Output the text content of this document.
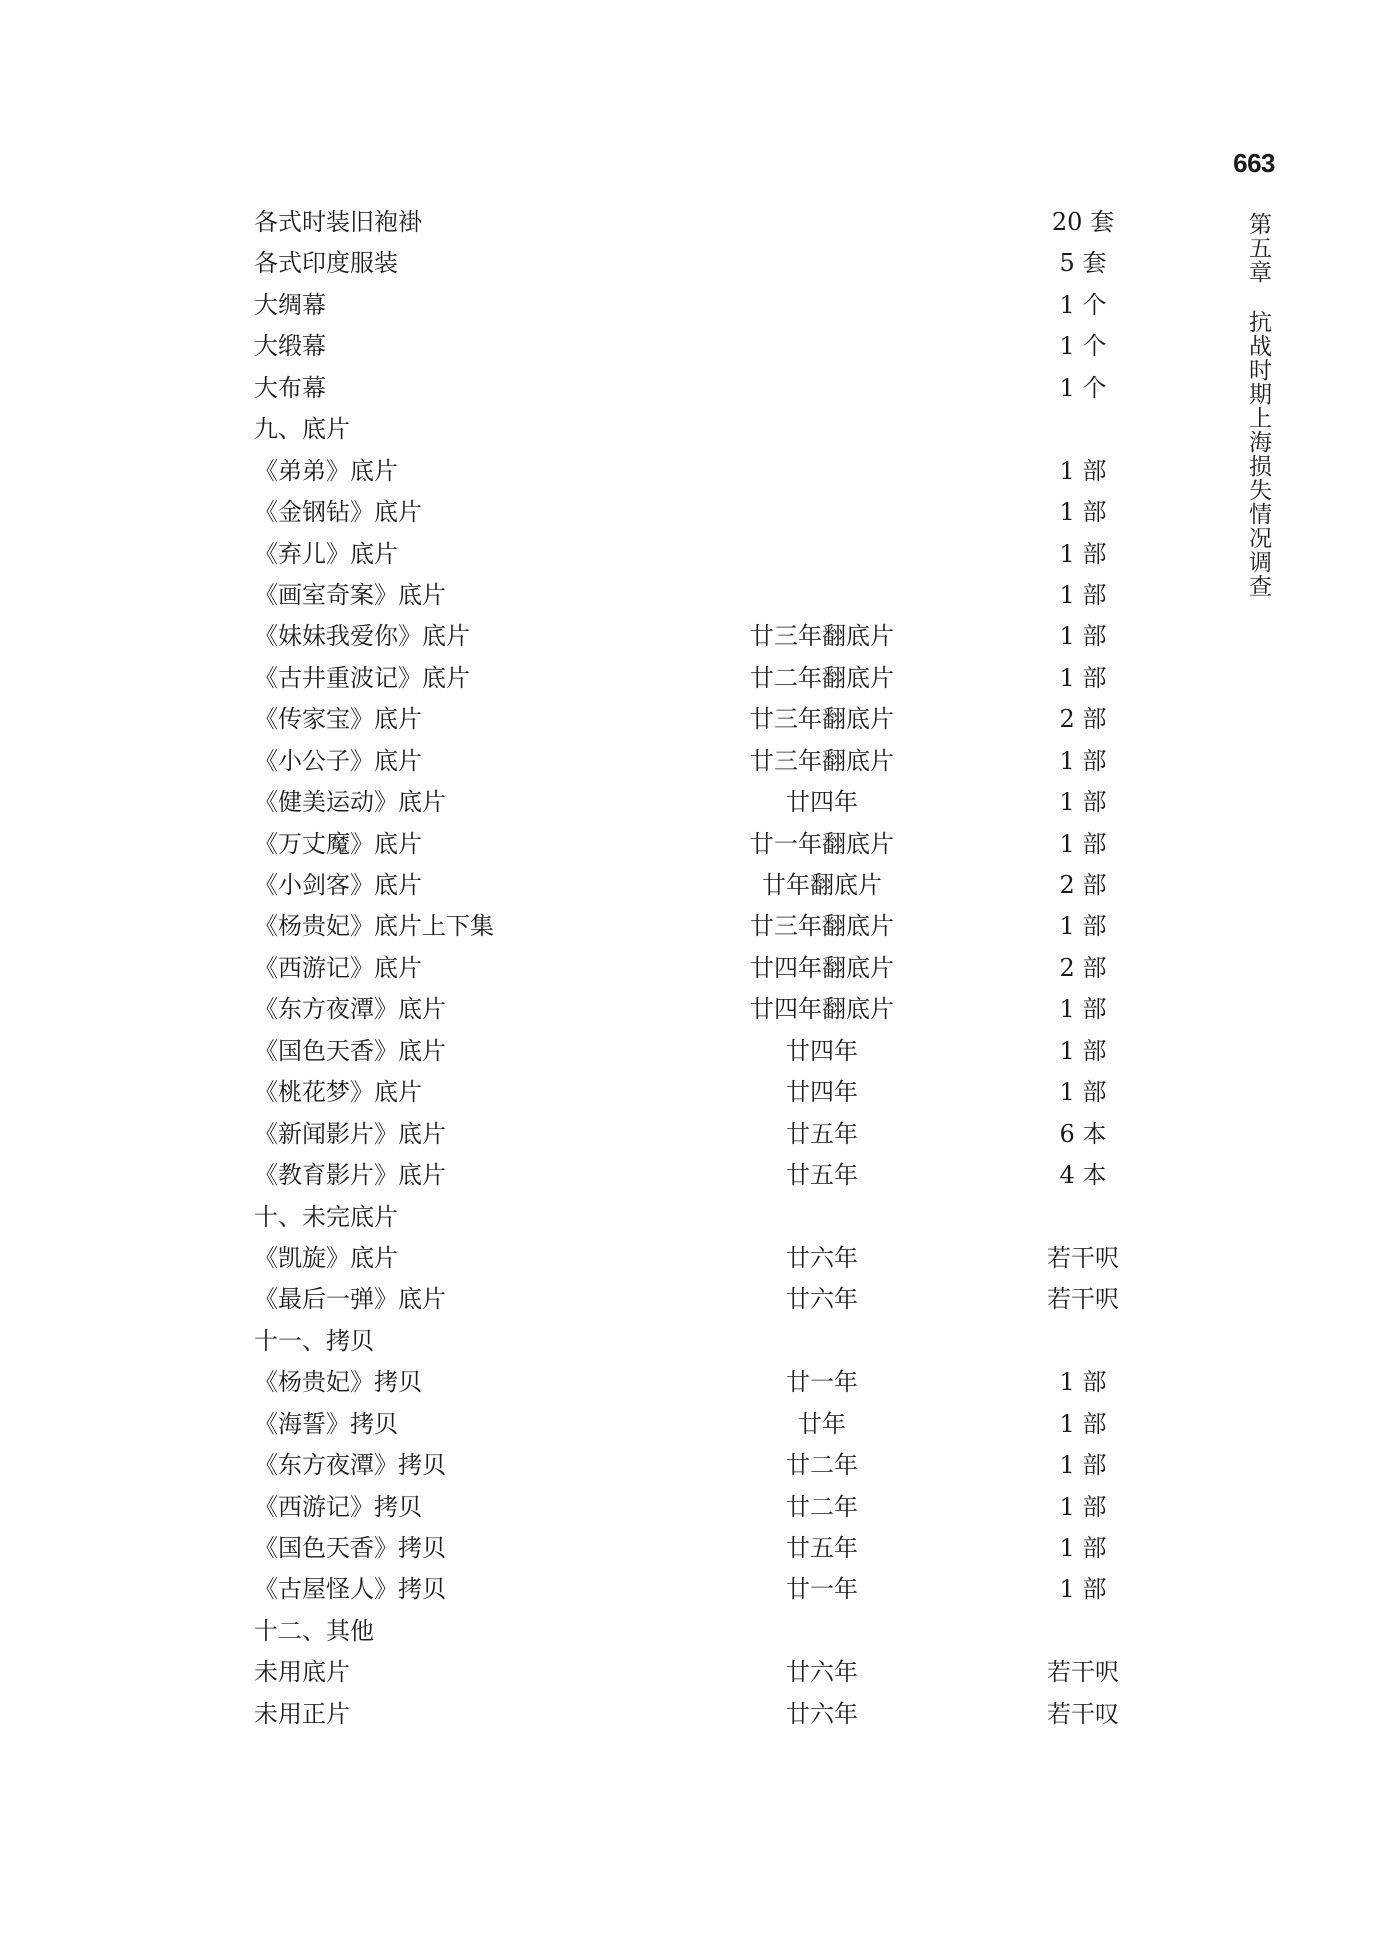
663
第五章抗战时期上海损失情况调查
各式时装旧袍褂	20 套
各式印度服装	5 套
大绸幕	1 个
大缎幕	1 个
大布幕	1 个
九、底片
《弟弟》底片	1 部
《金钢钻》底片	1 部
《弃儿》底片	1 部
《画室奇案》底片	1 部
《妹妹我爱你》底片	廿三年翻底片	1 部
《古井重波记》底片	廿二年翻底片	1 部
《传家宝》底片	廿三年翻底片	2 部
《小公子》底片	廿三年翻底片	1 部
《健美运动》底片	廿四年	1 部
《万丈魔》底片	廿一年翻底片	1 部
《小剑客》底片	廿年翻底片	2 部
《杨贵妃》底片上下集	廿三年翻底片	1 部
《西游记》底片	廿四年翻底片	2 部
《东方夜潭》底片	廿四年翻底片	1 部
《国色天香》底片	廿四年	1 部
《桃花梦》底片	廿四年	1 部
《新闻影片》底片	廿五年	6 本
《教育影片》底片	廿五年	4 本
十、未完底片
《凯旋》底片	廿六年	若干呎
《最后一弹》底片	廿六年	若干呎
十一、拷贝
《杨贵妃》拷贝	廿一年	1 部
《海誓》拷贝	廿年	1 部
《东方夜潭》拷贝	廿二年	1 部
《西游记》拷贝	廿二年	1 部
《国色天香》拷贝	廿五年	1 部
《古屋怪人》拷贝	廿一年	1 部
十二、其他
未用底片	廿六年	若干呎
未用正片	廿六年	若干叹
